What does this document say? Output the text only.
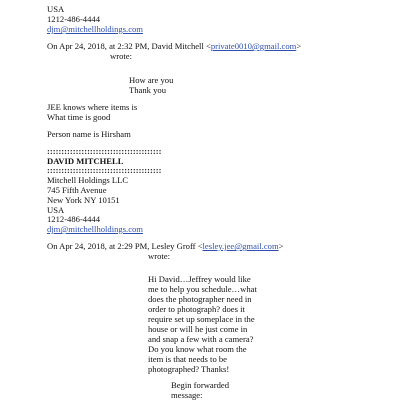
USA
1212-486-4444
djm@mitchellholdings.com
On Apr 24, 2018, at 2:32 PM, David Mitchell <private0010@gmail.com>
wrote:
How are you
Thank you
JEE knows where items is
What time is good
Person name is Hirsham
::::::::::::::::::::::::::::::::::::::::
DAVID MITCHELL
::::::::::::::::::::::::::::::::::::::::
Mitchell Holdings LLC
745 Fifth Avenue
New York NY 10151
USA
1212-486-4444
djm@mitchellholdings.com
On Apr 24, 2018, at 2:29 PM, Lesley Groff <lesley.jee@gmail.com>
wrote:
Hi David…Jeffrey would like
me to help you schedule…what
does the photographer need in
order to photograph? does it
require set up someplace in the
house or will he just come in
and snap a few with a camera?
Do you know what room the
item is that needs to be
photographed? Thanks!
Begin forwarded
message:
